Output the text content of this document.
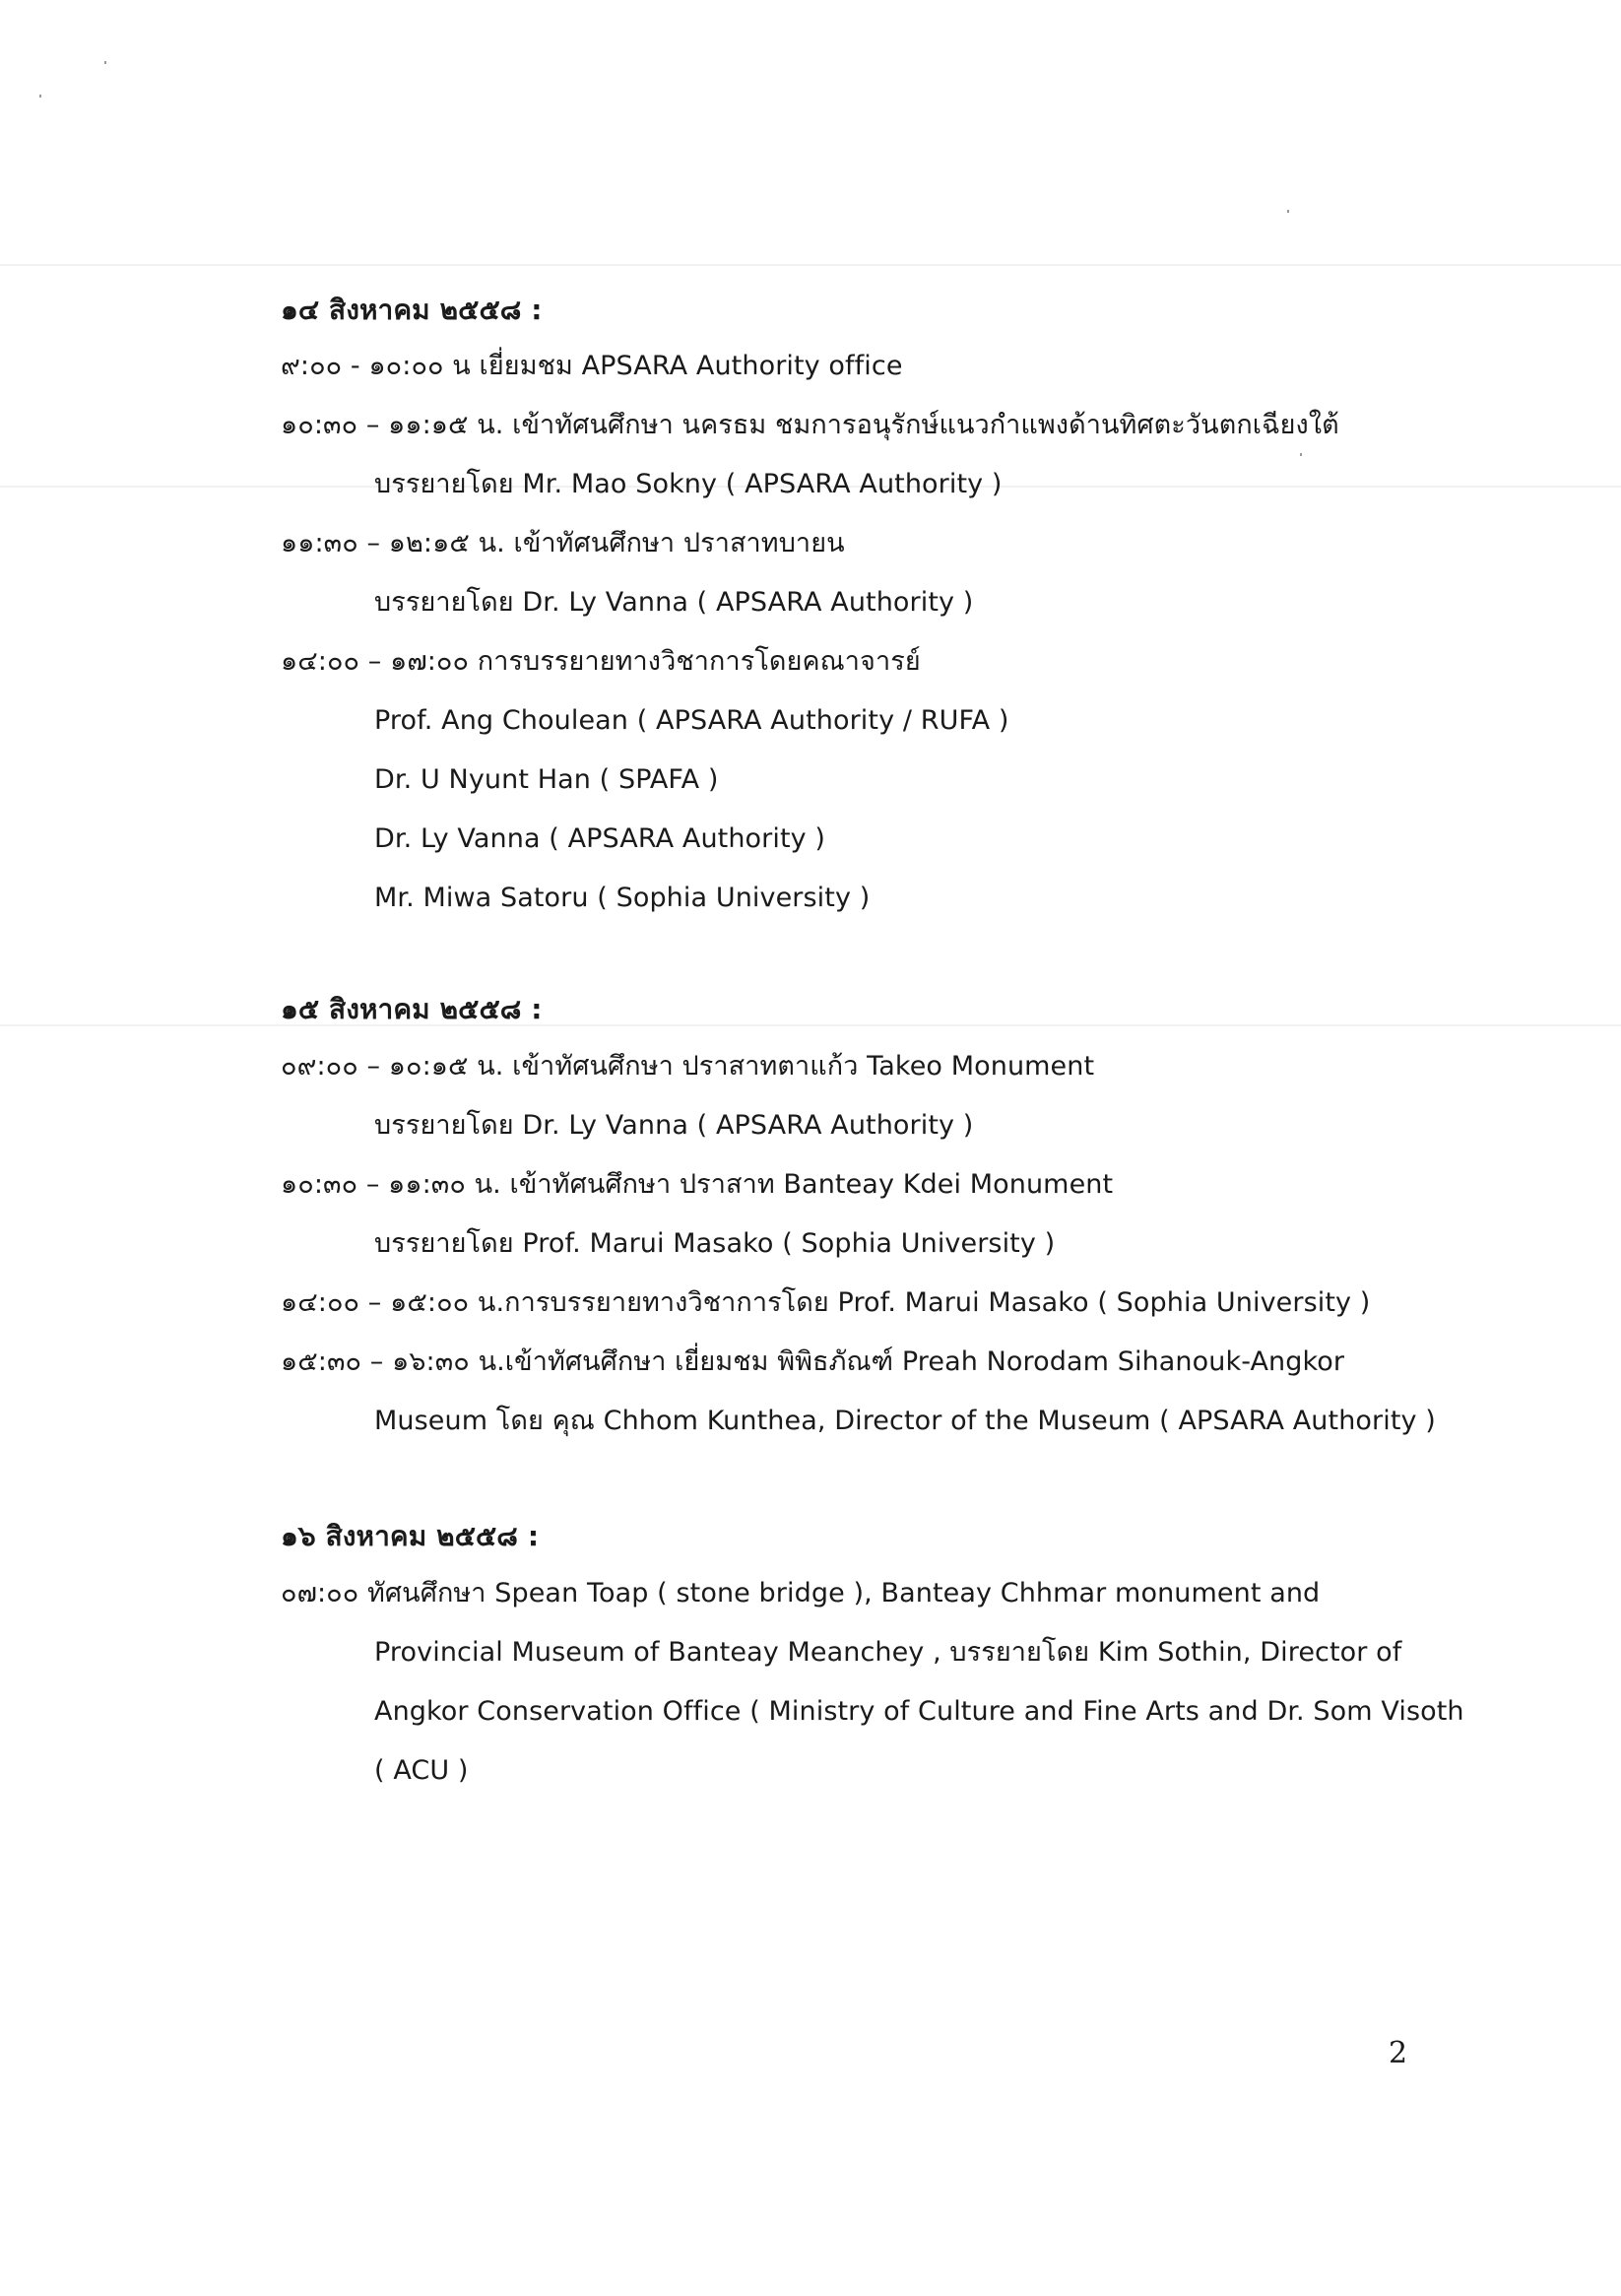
๑๔ สิงหาคม ๒๕๕๘ :
๙:๐๐ - ๑๐:๐๐ น เยี่ยมชม APSARA Authority office
๑๐:๓๐ – ๑๑:๑๕ น. เข้าทัศนศึกษา นครธม ชมการอนุรักษ์แนวกำแพงด้านทิศตะวันตกเฉียงใต้
บรรยายโดย Mr. Mao Sokny ( APSARA Authority )
๑๑:๓๐ – ๑๒:๑๕ น. เข้าทัศนศึกษา ปราสาทบายน
บรรยายโดย Dr. Ly Vanna ( APSARA Authority )
๑๔:๐๐ – ๑๗:๐๐ การบรรยายทางวิชาการโดยคณาจารย์
Prof. Ang Choulean ( APSARA Authority / RUFA )
Dr. U Nyunt Han ( SPAFA )
Dr. Ly Vanna ( APSARA Authority )
Mr. Miwa Satoru ( Sophia University )
๑๕ สิงหาคม ๒๕๕๘ :
๐๙:๐๐ – ๑๐:๑๕ น. เข้าทัศนศึกษา ปราสาทตาแก้ว Takeo Monument
บรรยายโดย Dr. Ly Vanna ( APSARA Authority )
๑๐:๓๐ – ๑๑:๓๐ น. เข้าทัศนศึกษา ปราสาท Banteay Kdei Monument
บรรยายโดย Prof. Marui Masako ( Sophia University )
๑๔:๐๐ – ๑๕:๐๐ น.การบรรยายทางวิชาการโดย Prof. Marui Masako ( Sophia University )
๑๕:๓๐ – ๑๖:๓๐ น.เข้าทัศนศึกษา เยี่ยมชม พิพิธภัณฑ์ Preah Norodam Sihanouk-Angkor
Museum โดย คุณ Chhom Kunthea, Director of the Museum ( APSARA Authority )
๑๖ สิงหาคม ๒๕๕๘ :
๐๗:๐๐ ทัศนศึกษา Spean Toap ( stone bridge ), Banteay Chhmar monument and
Provincial Museum of Banteay Meanchey , บรรยายโดย Kim Sothin, Director of
Angkor Conservation Office ( Ministry of Culture and Fine Arts and Dr. Som Visoth
( ACU )
2
